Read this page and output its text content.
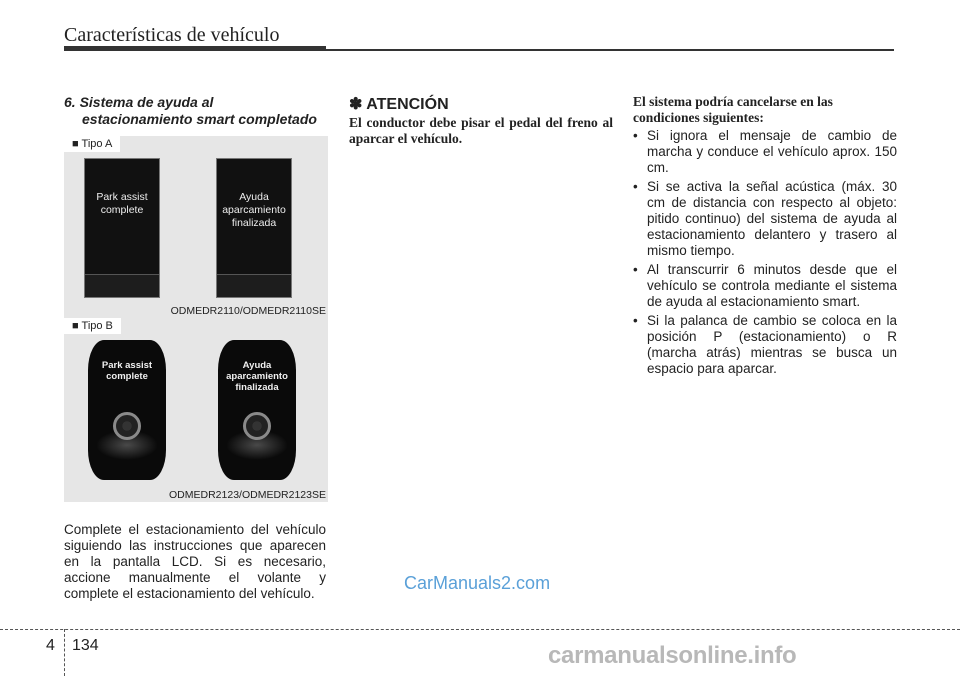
Características de vehículo
6. Sistema de ayuda al
estacionamiento smart completado
■ Tipo A
Park assist complete
Ayuda aparcamiento finalizada
ODMEDR2110/ODMEDR2110SE
■ Tipo B
Park assist complete
Ayuda aparcamiento finalizada
ODMEDR2123/ODMEDR2123SE
Complete el estacionamiento del vehículo siguiendo las instrucciones que aparecen en la pantalla LCD. Si es necesario, accione manualmente el volante y complete el estacionamiento del vehículo.
✽ ATENCIÓN
El conductor debe pisar el pedal del freno al aparcar el vehículo.
El sistema podría cancelarse en las condiciones siguientes:
• Si ignora el mensaje de cambio de marcha y conduce el vehículo aprox. 150 cm.
• Si se activa la señal acústica (máx. 30 cm de distancia con respecto al objeto: pitido continuo) del sistema de ayuda al estacionamiento delantero y trasero al mismo tiempo.
• Al transcurrir 6 minutos desde que el vehículo se controla mediante el sistema de ayuda al estacionamiento smart.
• Si la palanca de cambio se coloca en la posición P (estacionamiento) o R (marcha atrás) mientras se busca un espacio para aparcar.
CarManuals2.com
4 134	carmanualsonline.info
